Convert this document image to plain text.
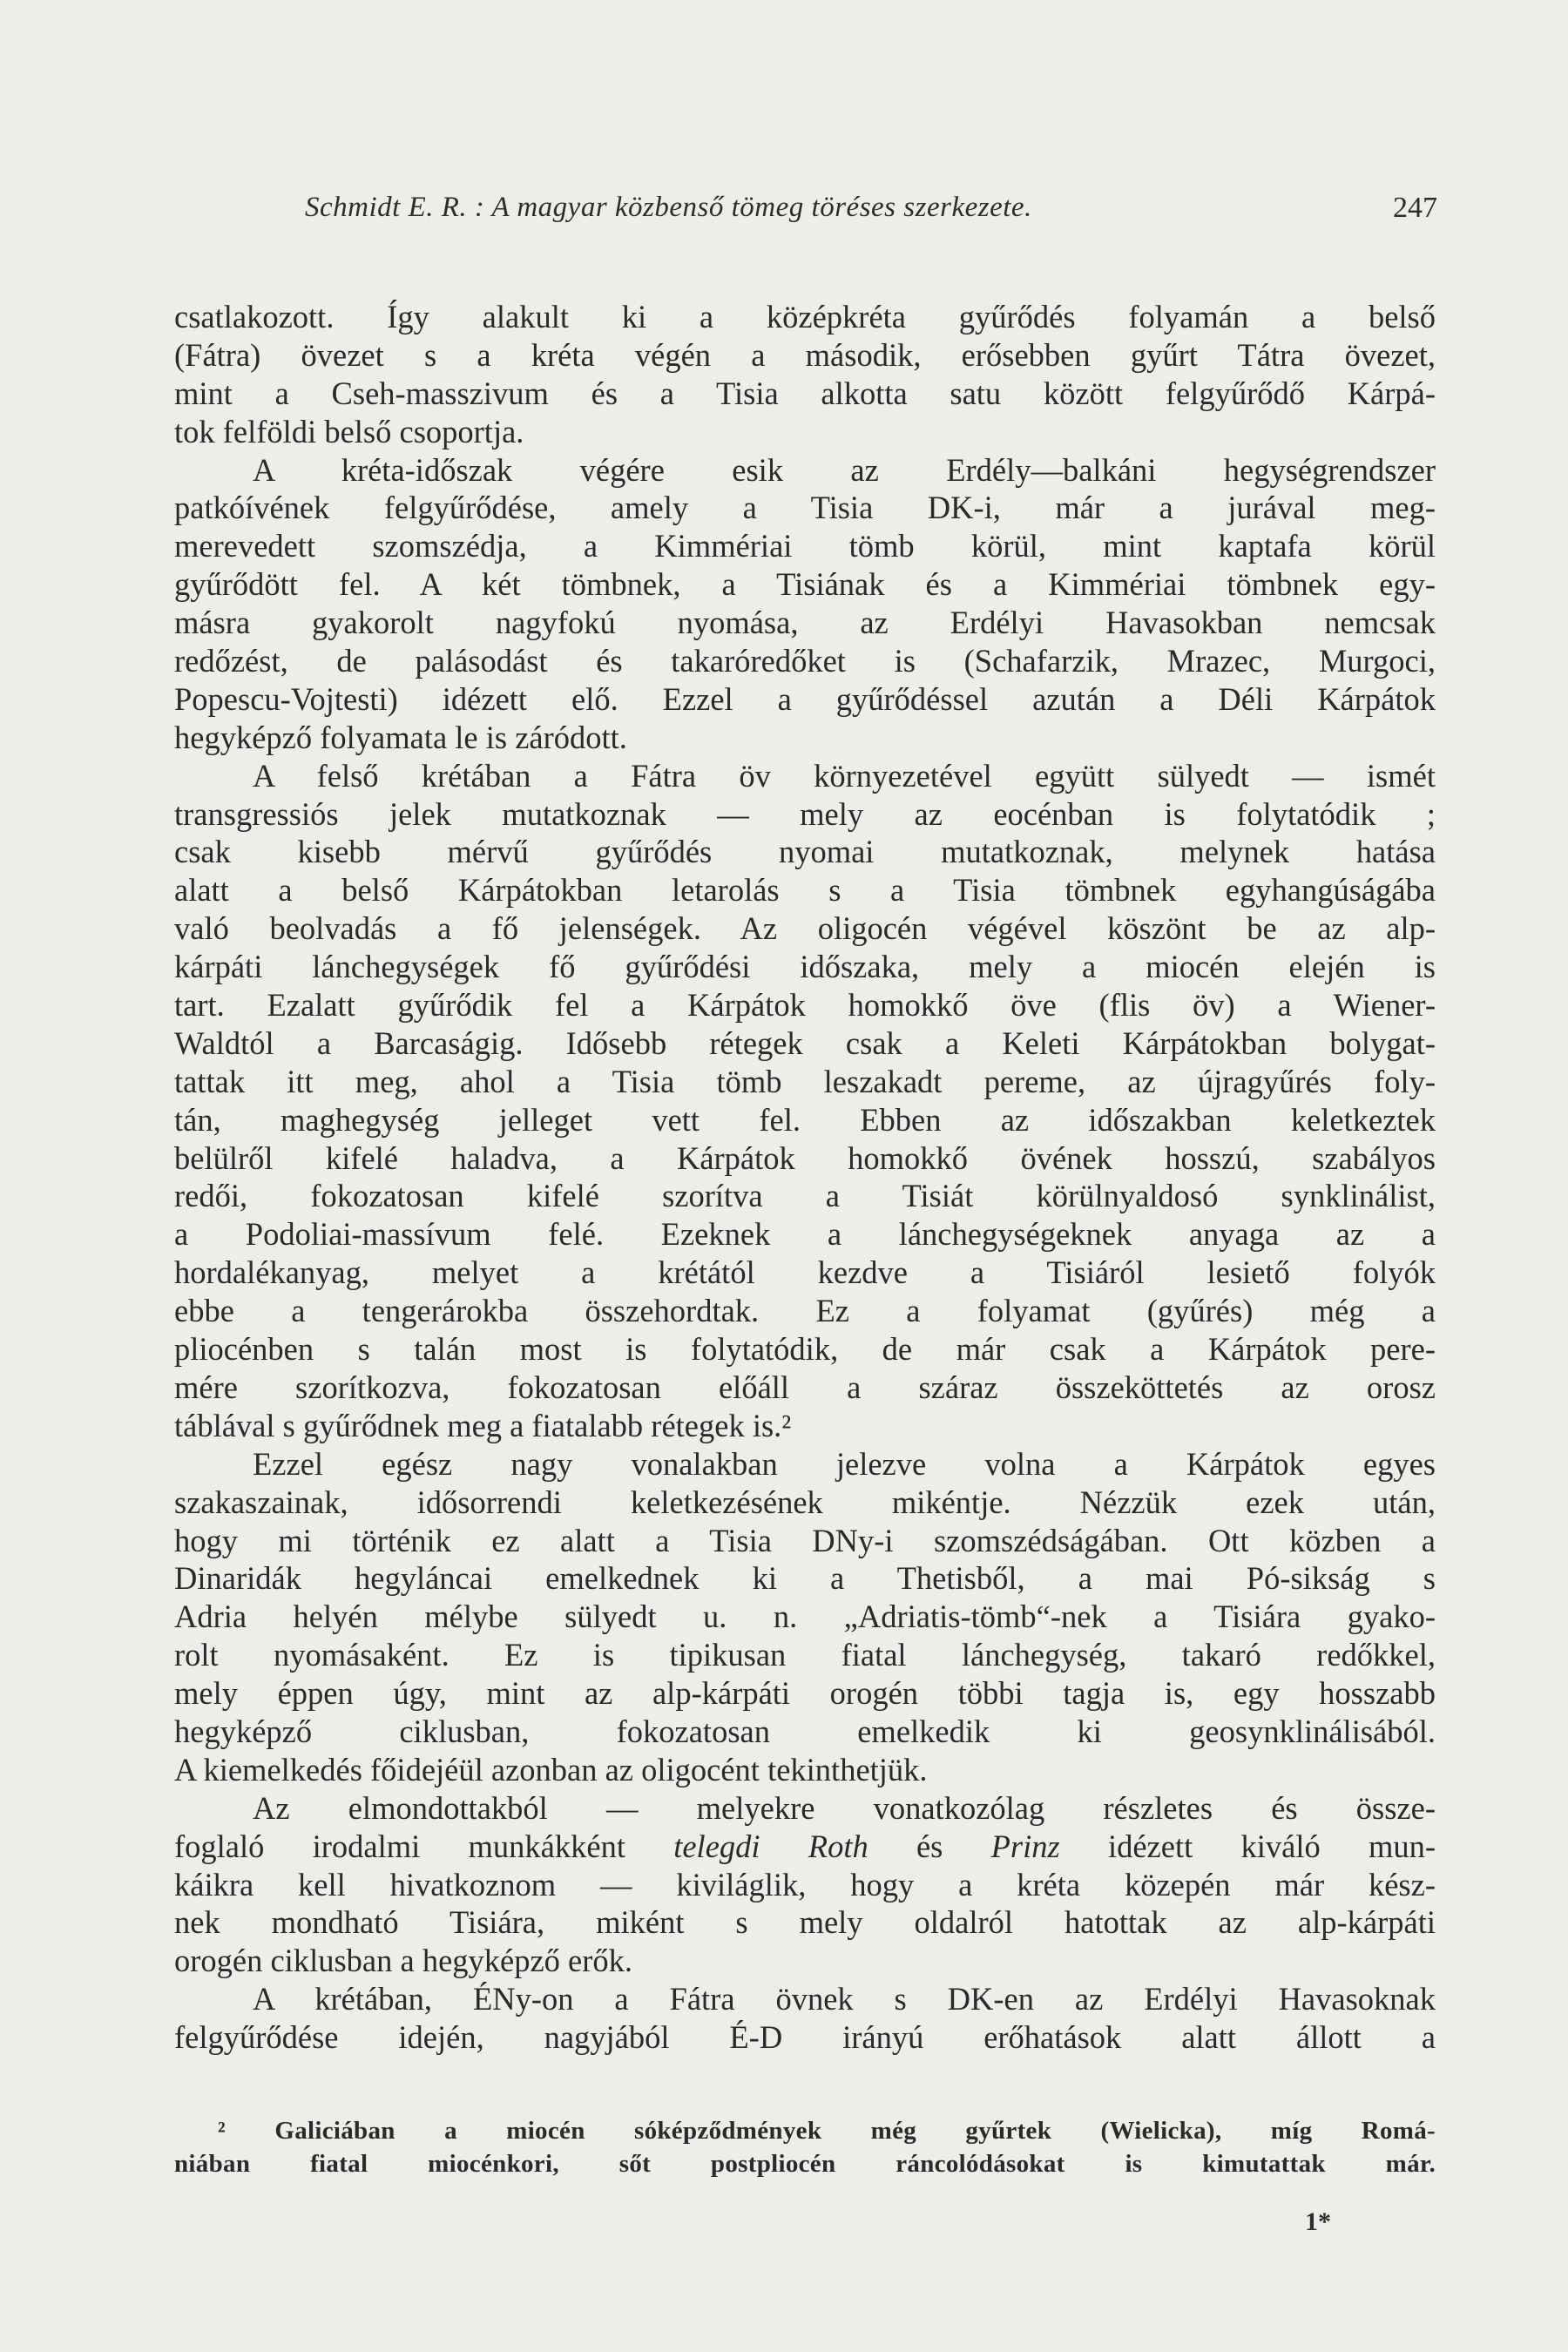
Schmidt E. R. : A magyar közbenső tömeg töréses szerkezete.	247
csatlakozott. Így alakult ki a középkréta gyűrődés folyamán a belső
(Fátra) övezet s a kréta végén a második, erősebben gyűrt Tátra övezet,
mint a Cseh-masszivum és a Tisia alkotta satu között felgyűrődő Kárpá-
tok felföldi belső csoportja.
A kréta-időszak végére esik az Erdély—balkáni hegységrendszer
patkóívének felgyűrődése, amely a Tisia DK-i, már a jurával meg-
merevedett szomszédja, a Kimmériai tömb körül, mint kaptafa körül
gyűrődött fel. A két tömbnek, a Tisiának és a Kimmériai tömbnek egy-
másra gyakorolt nagyfokú nyomása, az Erdélyi Havasokban nemcsak
redőzést, de palásodást és takaróredőket is (Schafarzik, Mrazec, Murgoci,
Popescu-Vojtesti) idézett elő. Ezzel a gyűrődéssel azután a Déli Kárpátok
hegyképző folyamata le is záródott.
A felső krétában a Fátra öv környezetével együtt sülyedt — ismét
transgressiós jelek mutatkoznak — mely az eocénban is folytatódik ;
csak kisebb mérvű gyűrődés nyomai mutatkoznak, melynek hatása
alatt a belső Kárpátokban letarolás s a Tisia tömbnek egyhangúságába
való beolvadás a fő jelenségek. Az oligocén végével köszönt be az alp-
kárpáti lánchegységek fő gyűrődési időszaka, mely a miocén elején is
tart. Ezalatt gyűrődik fel a Kárpátok homokkő öve (flis öv) a Wiener-
Waldtól a Barcaságig. Idősebb rétegek csak a Keleti Kárpátokban bolygat-
tattak itt meg, ahol a Tisia tömb leszakadt pereme, az újragyűrés foly-
tán, maghegység jelleget vett fel. Ebben az időszakban keletkeztek
belülről kifelé haladva, a Kárpátok homokkő övének hosszú, szabályos
redői, fokozatosan kifelé szorítva a Tisiát körülnyaldosó synklinálist,
a Podoliai-massívum felé. Ezeknek a lánchegységeknek anyaga az a
hordalékanyag, melyet a krétától kezdve a Tisiáról lesiető folyók
ebbe a tengerárokba összehordtak. Ez a folyamat (gyűrés) még a
pliocénben s talán most is folytatódik, de már csak a Kárpátok pere-
mére szorítkozva, fokozatosan előáll a száraz összeköttetés az orosz
táblával s gyűrődnek meg a fiatalabb rétegek is.²
Ezzel egész nagy vonalakban jelezve volna a Kárpátok egyes
szakaszainak, idősorrendi keletkezésének mikéntje. Nézzük ezek után,
hogy mi történik ez alatt a Tisia DNy-i szomszédságában. Ott közben a
Dinaridák hegyláncai emelkednek ki a Thetisből, a mai Pó-sikság s
Adria helyén mélybe sülyedt u. n. „Adriatis-tömb“-nek a Tisiára gyako-
rolt nyomásaként. Ez is tipikusan fiatal lánchegység, takaró redőkkel,
mely éppen úgy, mint az alp-kárpáti orogén többi tagja is, egy hosszabb
hegyképző ciklusban, fokozatosan emelkedik ki geosynklinálisából.
A kiemelkedés főidejéül azonban az oligocént tekinthetjük.
Az elmondottakból — melyekre vonatkozólag részletes és össze-
foglaló irodalmi munkákként telegdi Roth és Prinz idézett kiváló mun-
káikra kell hivatkoznom — kiviláglik, hogy a kréta közepén már kész-
nek mondható Tisiára, miként s mely oldalról hatottak az alp-kárpáti
orogén ciklusban a hegyképző erők.
A krétában, ÉNy-on a Fátra övnek s DK-en az Erdélyi Havasoknak
felgyűrődése idején, nagyjából É-D irányú erőhatások alatt állott a
² Galiciában a miocén sóképződmények még gyűrtek (Wielicka), míg Romá-
niában fiatal miocénkori, sőt postpliocén ráncolódásokat is kimutattak már.
1*
